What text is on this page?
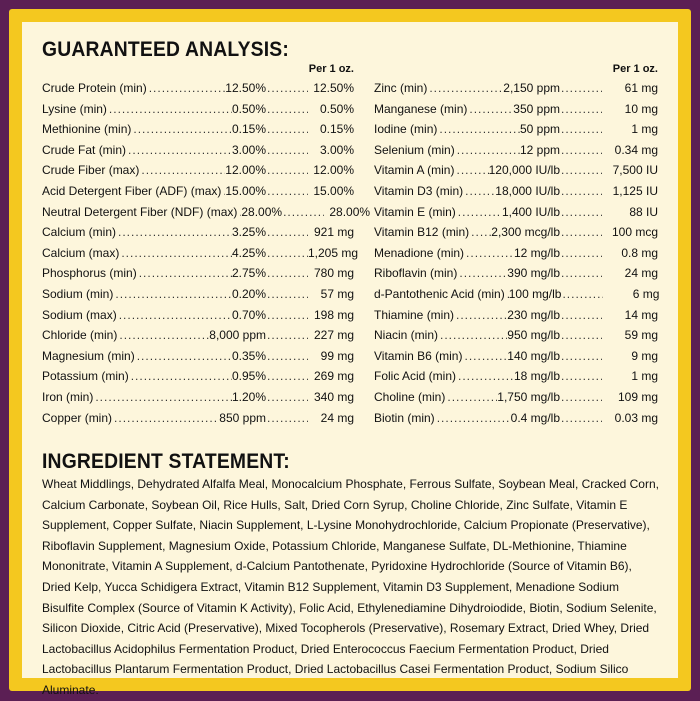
GUARANTEED ANALYSIS:
Per 1 oz.
Crude Protein (min) .....	12.50% .....	12.50%
Lysine (min) .....	0.50% .....	0.50%
Methionine (min) .....	0.15% .....	0.15%
Crude Fat (min) .....	3.00% .....	3.00%
Crude Fiber (max) .....	12.00% .....	12.00%
Acid Detergent Fiber (ADF) (max) ..... 15.00% .....	15.00%
Neutral Detergent Fiber (NDF) (max) ..... 28.00% .....	28.00%
Calcium (min) .....	3.25% .....	921 mg
Calcium (max) .....	4.25% .....	1,205 mg
Phosphorus (min) .....	2.75% .....	780 mg
Sodium (min) .....	0.20% .....	57 mg
Sodium (max) .....	0.70% .....	198 mg
Chloride (min) .....	8,000 ppm .....	227 mg
Magnesium (min) .....	0.35% .....	99 mg
Potassium (min) .....	0.95% .....	269 mg
Iron (min) .....	1.20% .....	340 mg
Copper (min) .....	850 ppm .....	24 mg
Per 1 oz.
Zinc (min) .....	2,150 ppm .....	61 mg
Manganese (min) .....	350 ppm .....	10 mg
Iodine (min) .....	50 ppm .....	1 mg
Selenium (min) .....	12 ppm .....	0.34 mg
Vitamin A (min) .....	120,000 IU/lb .....	7,500 IU
Vitamin D3 (min) .....	18,000 IU/lb .....	1,125 IU
Vitamin E (min) .....	1,400 IU/lb .....	88 IU
Vitamin B12 (min) ..... 2,300 mcg/lb .....	100 mcg
Menadione (min) .....	12 mg/lb .....	0.8 mg
Riboflavin (min) .....	390 mg/lb .....	24 mg
d-Pantothenic Acid (min) ..... 100 mg/lb .....	6 mg
Thiamine (min) .....	230 mg/lb .....	14 mg
Niacin (min) .....	950 mg/lb .....	59 mg
Vitamin B6 (min) .....	140 mg/lb .....	9 mg
Folic Acid (min) .....	18 mg/lb .....	1 mg
Choline (min) .....	1,750 mg/lb .....	109 mg
Biotin (min) .....	0.4 mg/lb .....	0.03 mg
INGREDIENT STATEMENT:

Wheat Middlings, Dehydrated Alfalfa Meal, Monocalcium Phosphate, Ferrous Sulfate, Soybean Meal, Cracked Corn, Calcium Carbonate, Soybean Oil, Rice Hulls, Salt, Dried Corn Syrup, Choline Chloride, Zinc Sulfate, Vitamin E Supplement, Copper Sulfate, Niacin Supplement, L-Lysine Monohydrochloride, Calcium Propionate (Preservative), Riboflavin Supplement, Magnesium Oxide, Potassium Chloride, Manganese Sulfate, DL-Methionine, Thiamine Mononitrate, Vitamin A Supplement, d-Calcium Pantothenate, Pyridoxine Hydrochloride (Source of Vitamin B6), Dried Kelp, Yucca Schidigera Extract, Vitamin B12 Supplement, Vitamin D3 Supplement, Menadione Sodium Bisulfite Complex (Source of Vitamin K Activity), Folic Acid, Ethylenediamine Dihydroiodide, Biotin, Sodium Selenite, Silicon Dioxide, Citric Acid (Preservative), Mixed Tocopherols (Preservative), Rosemary Extract, Dried Whey, Dried Lactobacillus Acidophilus Fermentation Product, Dried Enterococcus Faecium Fermentation Product, Dried Lactobacillus Plantarum Fermentation Product, Dried Lactobacillus Casei Fermentation Product, Sodium Silico Aluminate.
